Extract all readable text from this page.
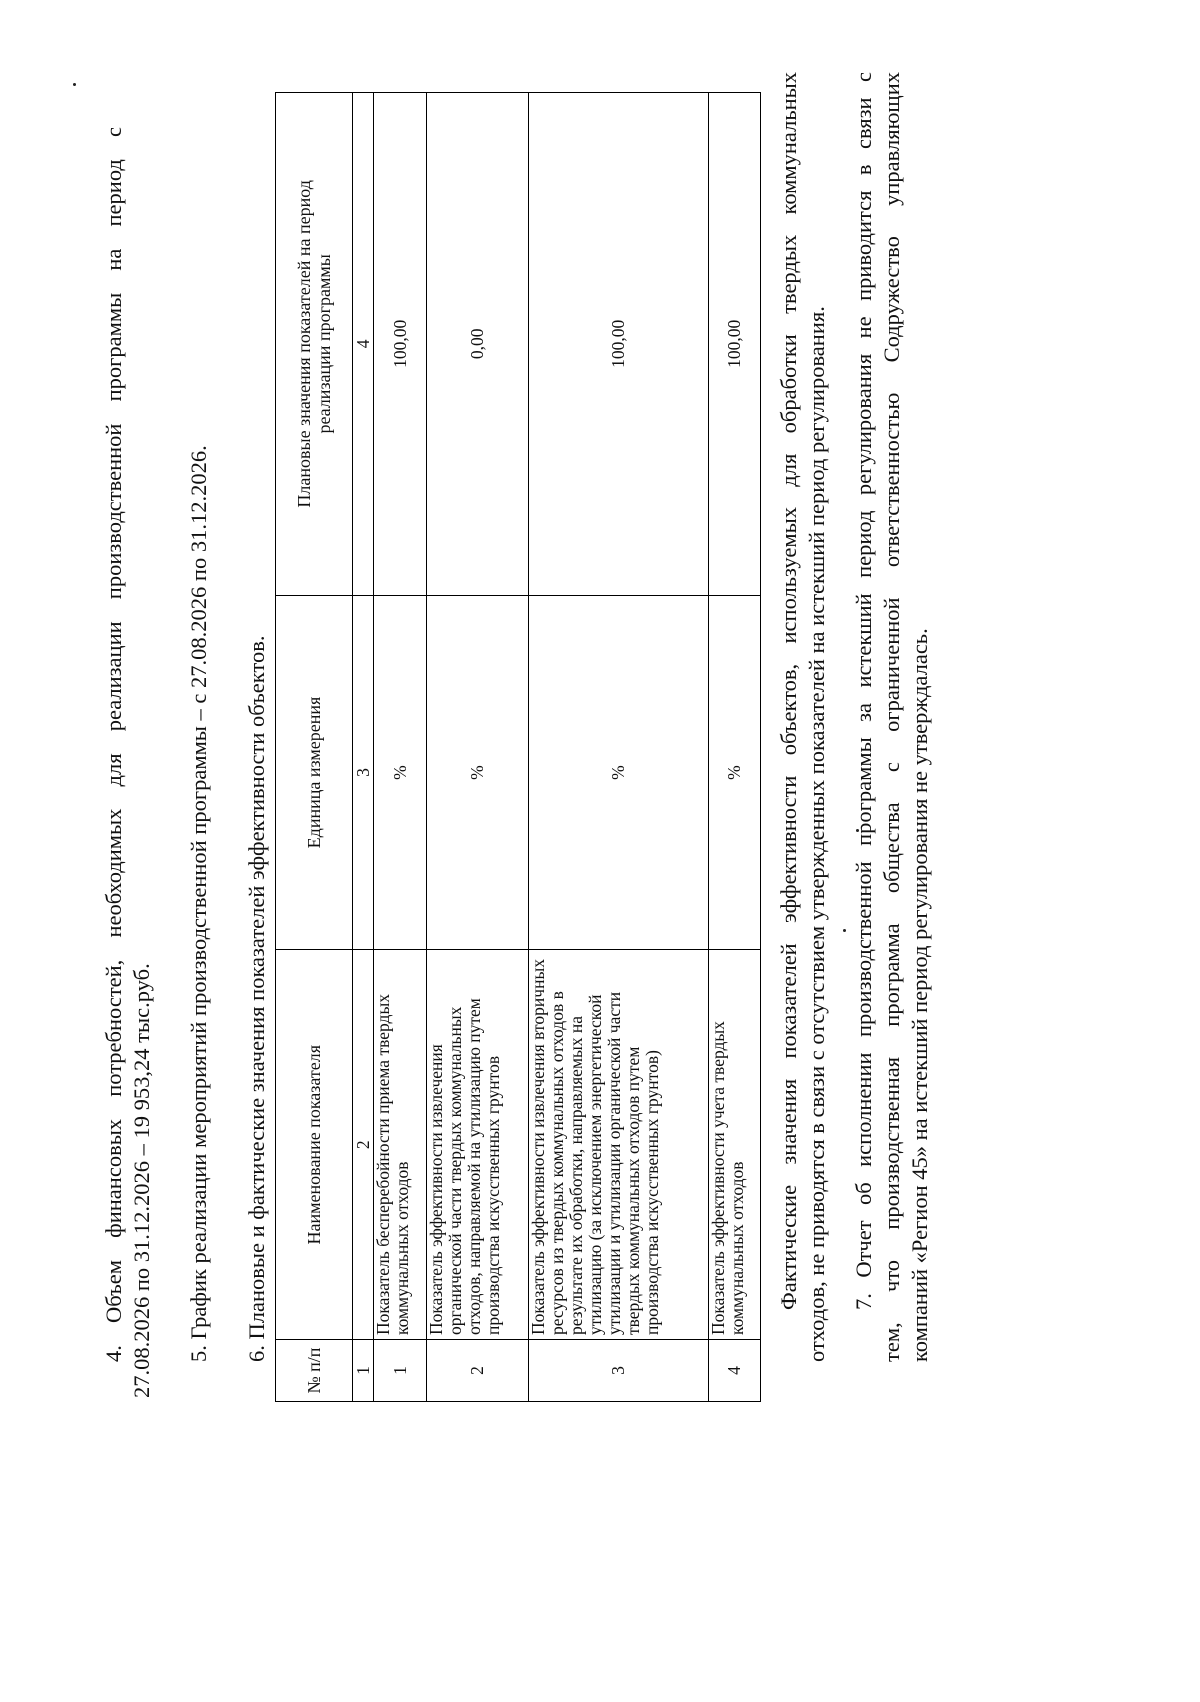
4. Объем финансовых потребностей, необходимых для реализации производственной программы на период с 27.08.2026 по 31.12.2026 – 19 953,24 тыс.руб. 5. График реализации мероприятий производственной программы – с 27.08.2026 по 31.12.2026. 6. Плановые и фактические значения показателей эффективности объектов.
№ п/п	Наименование показателя	Единица измерения	Плановые значения показателей на период реализации программы
1	2	3	4
1	Показатель бесперебойности приема твердых коммунальных отходов	%	100,00
2	Показатель эффективности извлечения органической части твердых коммунальных отходов, направляемой на утилизацию путем производства искусственных грунтов	%	0,00
3	Показатель эффективности извлечения вторичных ресурсов из твердых коммунальных отходов в результате их обработки, направляемых на утилизацию (за исключением энергетической утилизации и утилизации органической части твердых коммунальных отходов путем производства искусственных грунтов)	%	100,00
4	Показатель эффективности учета твердых коммунальных отходов	%	100,00 Фактические значения показателей эффективности объектов, используемых для обработки твердых коммунальных отходов, не приводятся в связи с отсутствием утвержденных показателей на истекший период регулирования. 7. Отчет об исполнении производственной программы за истекший период регулирования не приводится в связи с тем, что производственная программа общества с ограниченной ответственностью Содружество управляющих компаний «Регион 45» на истекший период регулирования не утверждалась.
